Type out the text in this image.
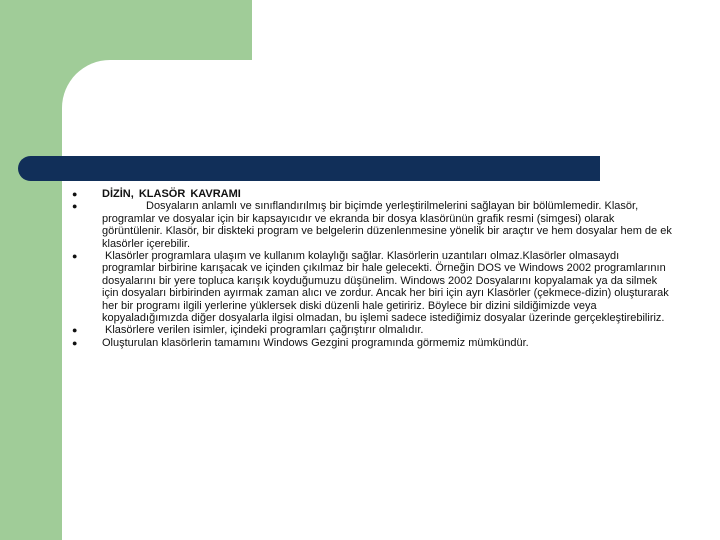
●	DİZİN, KLASÖR KAVRAMI
●	Dosyaların anlamlı ve sınıflandırılmış bir biçimde yerleştirilmelerini sağlayan bir bölümlemedir. Klasör, programlar ve dosyalar için bir kapsayıcıdır ve ekranda bir dosya klasörünün grafik resmi (simgesi) olarak görüntülenir. Klasör, bir diskteki program ve belgelerin düzenlenmesine yönelik bir araçtır ve hem dosyalar hem de ek klasörler içerebilir.
●	Klasörler programlara ulaşım ve kullanım kolaylığı sağlar. Klasörlerin uzantıları olmaz.Klasörler olmasaydı programlar birbirine karışacak ve içinden çıkılmaz bir hale gelecekti. Örneğin DOS ve Windows 2002 programlarının dosyalarını bir yere topluca karışık koyduğumuzu düşünelim. Windows 2002 Dosyalarını kopyalamak ya da silmek için dosyaları birbirinden ayırmak zaman alıcı ve zordur. Ancak her biri için ayrı Klasörler (çekmece-dizin) oluşturarak her bir programı ilgili yerlerine yüklersek diski düzenli hale getiririz. Böylece bir dizini sildiğimizde veya kopyaladığımızda diğer dosyalarla ilgisi olmadan, bu işlemi sadece istediğimiz dosyalar üzerinde gerçekleştirebiliriz.
●	Klasörlere verilen isimler, içindeki programları çağrıştırır olmalıdır.
●	Oluşturulan klasörlerin tamamını Windows Gezgini programında görmemiz mümkündür.
